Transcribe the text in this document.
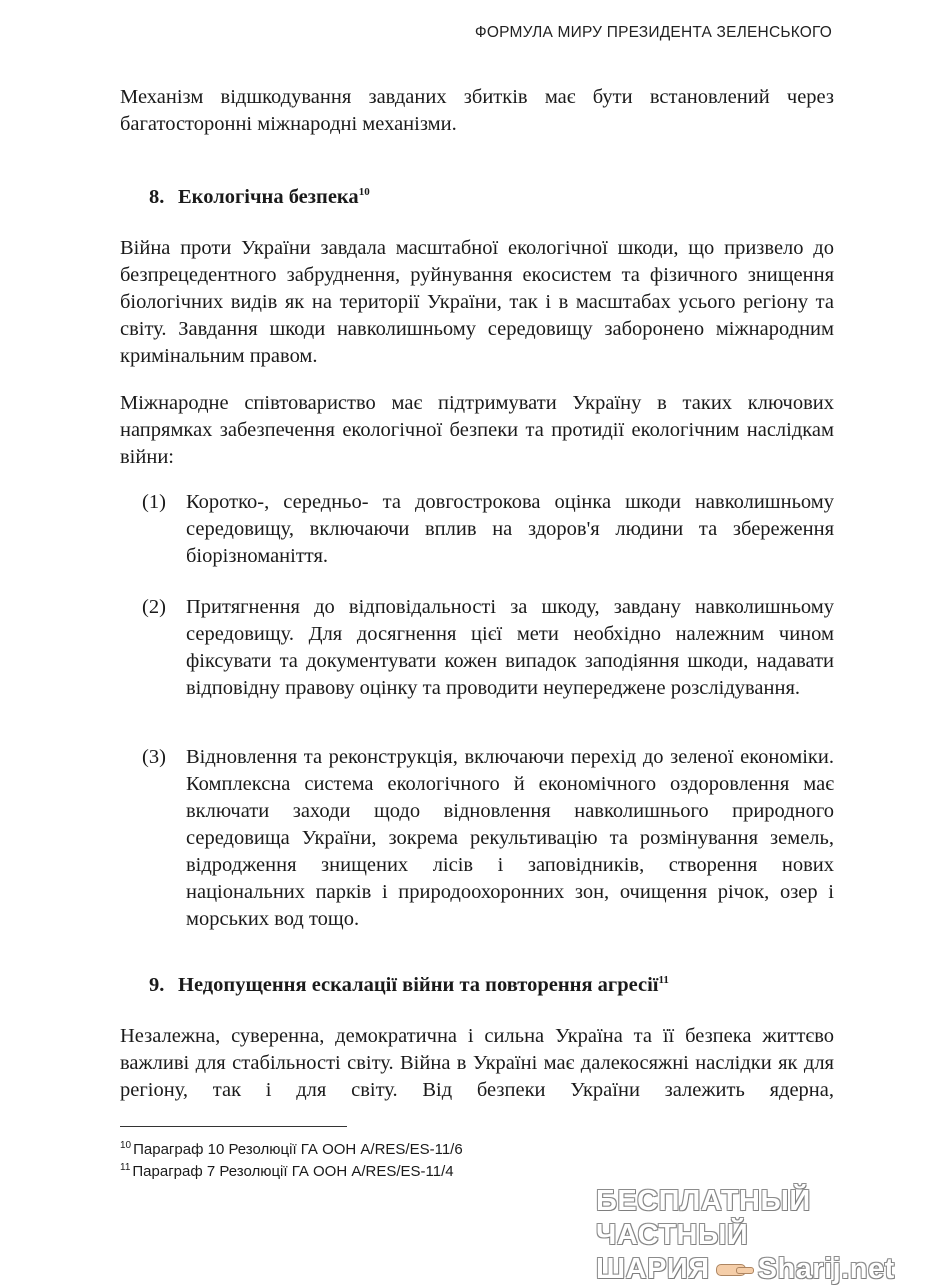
ФОРМУЛА МИРУ ПРЕЗИДЕНТА ЗЕЛЕНСЬКОГО

Механізм відшкодування завданих збитків має бути встановлений через багатосторонні міжнародні механізми.

8. Екологічна безпека$^{10}$

Війна проти України завдала масштабної екологічної шкоди, що призвело до безпрецедентного забруднення, руйнування екосистем та фізичного знищення біологічних видів як на території України, так і в масштабах усього регіону та світу. Завдання шкоди навколишньому середовищу заборонено міжнародним кримінальним правом.

Міжнародне співтовариство має підтримувати Україну в таких ключових напрямках забезпечення екологічної безпеки та протидії екологічним наслідкам війни:

(1) Коротко-, середньо- та довгострокова оцінка шкоди навколишньому середовищу, включаючи вплив на здоров'я людини та збереження біорізноманіття.

(2) Притягнення до відповідальності за шкоду, завдану навколишньому середовищу. Для досягнення цієї мети необхідно належним чином фіксувати та документувати кожен випадок заподіяння шкоди, надавати відповідну правову оцінку та проводити неупереджене розслідування.

(3) Відновлення та реконструкція, включаючи перехід до зеленої економіки. Комплексна система екологічного й економічного оздоровлення має включати заходи щодо відновлення навколишнього природного середовища України, зокрема рекультивацію та розмінування земель, відродження знищених лісів і заповідників, створення нових національних парків і природоохоронних зон, очищення річок, озер і морських вод тощо.

9. Недопущення ескалації війни та повторення агресії$^{11}$

Незалежна, суверенна, демократична і сильна Україна та її безпека життєво важливі для стабільності світу. Війна в Україні має далекосяжні наслідки як для регіону, так і для світу. Від безпеки України залежить ядерна,

$^{10}$ Параграф 10 Резолюції ГА ООН A/RES/ES-11/6
$^{11}$ Параграф 7 Резолюції ГА ООН A/RES/ES-11/4
БЕСПЛАТНЫЙ ЧАСТНЫЙ
ШАРИЯ Sharij.net
